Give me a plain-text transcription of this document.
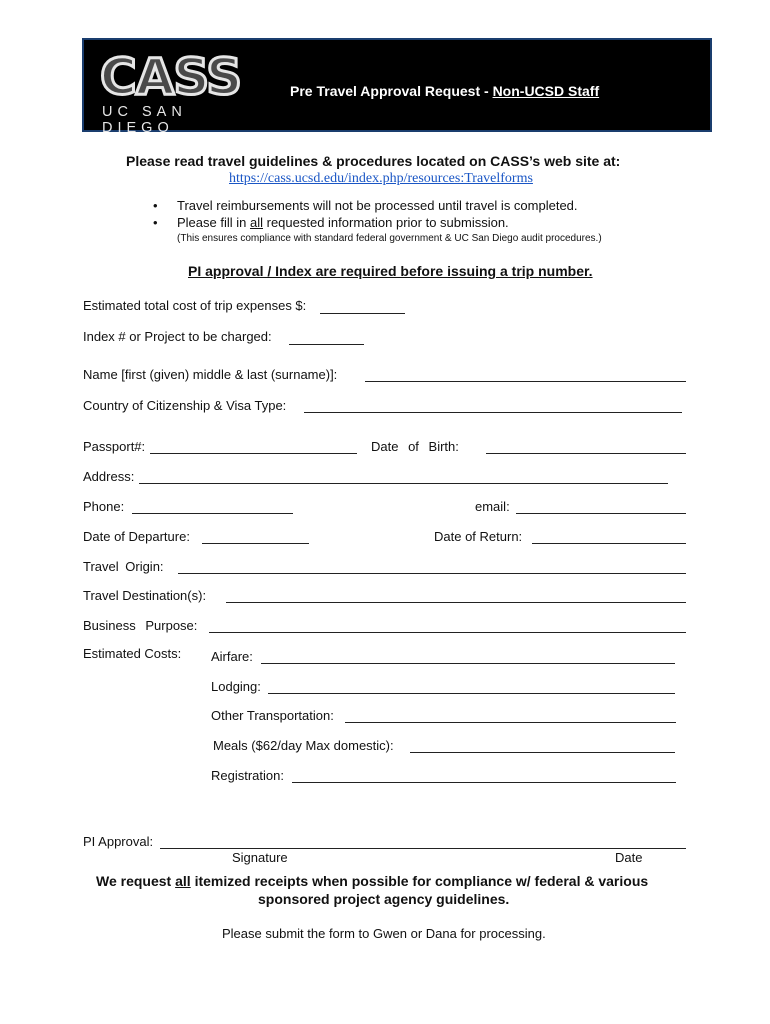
CASS
UC SAN DIEGO
Pre Travel Approval Request - Non-UCSD Staff
Please read travel guidelines & procedures located on CASS’s web site at:
https://cass.ucsd.edu/index.php/resources:Travelforms
• Travel reimbursements will not be processed until travel is completed.
• Please fill in all requested information prior to submission.
(This ensures compliance with standard federal government & UC San Diego audit procedures.)
PI approval / Index are required before issuing a trip number.
Estimated total cost of trip expenses $:
Index # or Project to be charged:
Name [first (given) middle & last (surname)]:
Country of Citizenship & Visa Type:
Passport#:	Date of Birth:
Address:
Phone:	email:
Date of Departure:	Date of Return:
Travel Origin:
Travel Destination(s):
Business Purpose:
Estimated Costs: Airfare:
Lodging:
Other Transportation:
Meals ($62/day Max domestic):
Registration:
PI Approval:
Signature	Date
We request all itemized receipts when possible for compliance w/ federal & various
sponsored project agency guidelines.
Please submit the form to Gwen or Dana for processing.
